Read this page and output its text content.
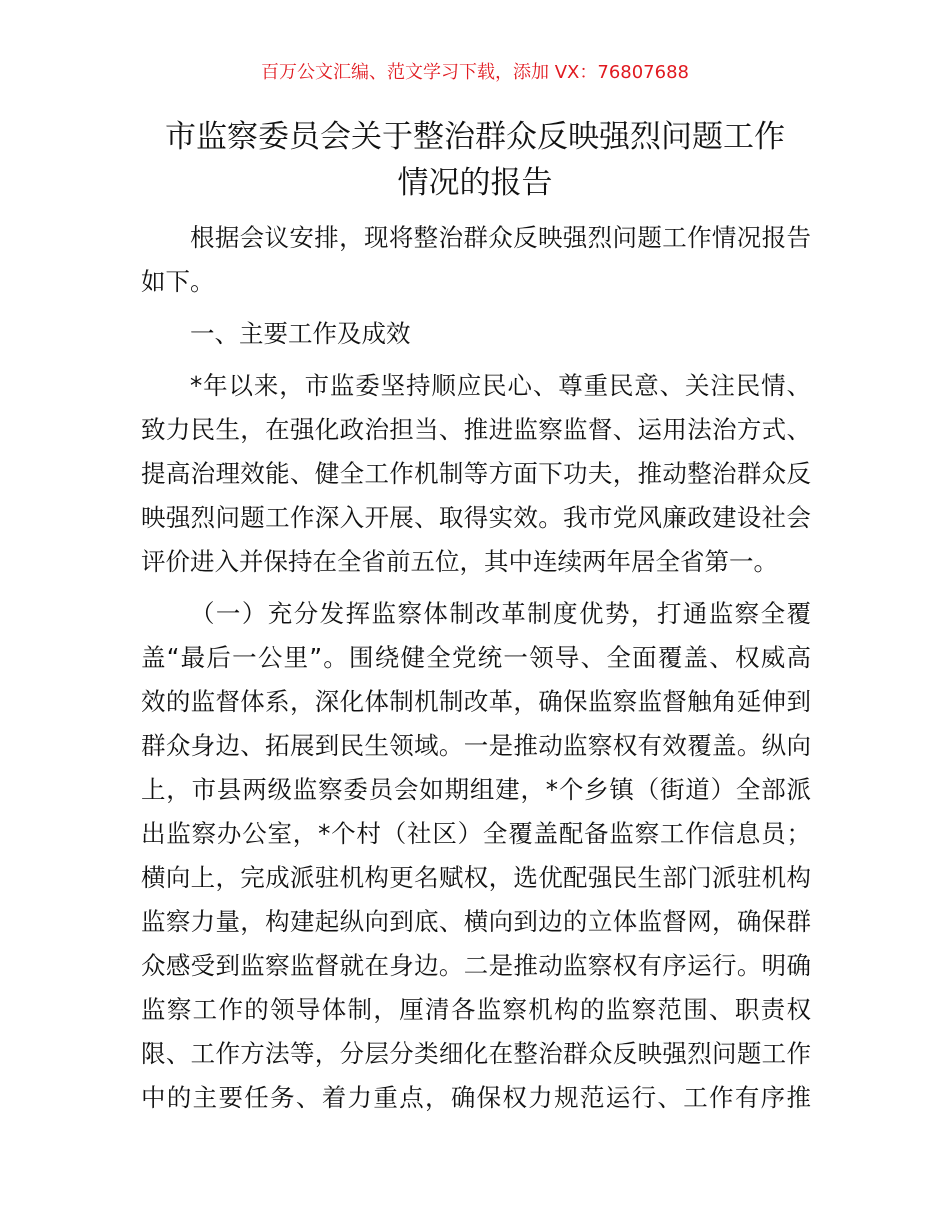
百万公文汇编、范文学习下载，添加 VX：76807688
市监察委员会关于整治群众反映强烈问题工作
情况的报告
根据会议安排，现将整治群众反映强烈问题工作情况报告
如下。
一、主要工作及成效
*年以来，市监委坚持顺应民心、尊重民意、关注民情、
致力民生，在强化政治担当、推进监察监督、运用法治方式、
提高治理效能、健全工作机制等方面下功夫，推动整治群众反
映强烈问题工作深入开展、取得实效。我市党风廉政建设社会
评价进入并保持在全省前五位，其中连续两年居全省第一。
（一）充分发挥监察体制改革制度优势，打通监察全覆
盖“最后一公里”。围绕健全党统一领导、全面覆盖、权威高
效的监督体系，深化体制机制改革，确保监察监督触角延伸到
群众身边、拓展到民生领域。一是推动监察权有效覆盖。纵向
上，市县两级监察委员会如期组建，*个乡镇（街道）全部派
出监察办公室，*个村（社区）全覆盖配备监察工作信息员；
横向上，完成派驻机构更名赋权，选优配强民生部门派驻机构
监察力量，构建起纵向到底、横向到边的立体监督网，确保群
众感受到监察监督就在身边。二是推动监察权有序运行。明确
监察工作的领导体制，厘清各监察机构的监察范围、职责权
限、工作方法等，分层分类细化在整治群众反映强烈问题工作
中的主要任务、着力重点，确保权力规范运行、工作有序推
